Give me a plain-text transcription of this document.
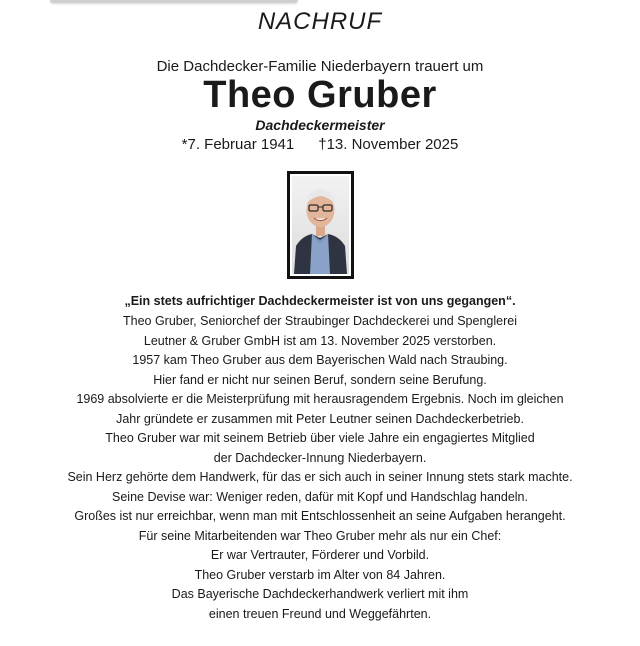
NACHRUF
Die Dachdecker-Familie Niederbayern trauert um
Theo Gruber
Dachdeckermeister
*7. Februar 1941 †13. November 2025
„Ein stets aufrichtiger Dachdeckermeister ist von uns gegangen“.
Theo Gruber, Seniorchef der Straubinger Dachdeckerei und Spenglerei
Leutner & Gruber GmbH ist am 13. November 2025 verstorben.
1957 kam Theo Gruber aus dem Bayerischen Wald nach Straubing.
Hier fand er nicht nur seinen Beruf, sondern seine Berufung.
1969 absolvierte er die Meisterprüfung mit herausragendem Ergebnis. Noch im gleichen
Jahr gründete er zusammen mit Peter Leutner seinen Dachdeckerbetrieb.
Theo Gruber war mit seinem Betrieb über viele Jahre ein engagiertes Mitglied
der Dachdecker-Innung Niederbayern.
Sein Herz gehörte dem Handwerk, für das er sich auch in seiner Innung stets stark machte.
Seine Devise war: Weniger reden, dafür mit Kopf und Handschlag handeln.
Großes ist nur erreichbar, wenn man mit Entschlossenheit an seine Aufgaben herangeht.
Für seine Mitarbeitenden war Theo Gruber mehr als nur ein Chef:
Er war Vertrauter, Förderer und Vorbild.
Theo Gruber verstarb im Alter von 84 Jahren.
Das Bayerische Dachdeckerhandwerk verliert mit ihm
einen treuen Freund und Weggefährten.
